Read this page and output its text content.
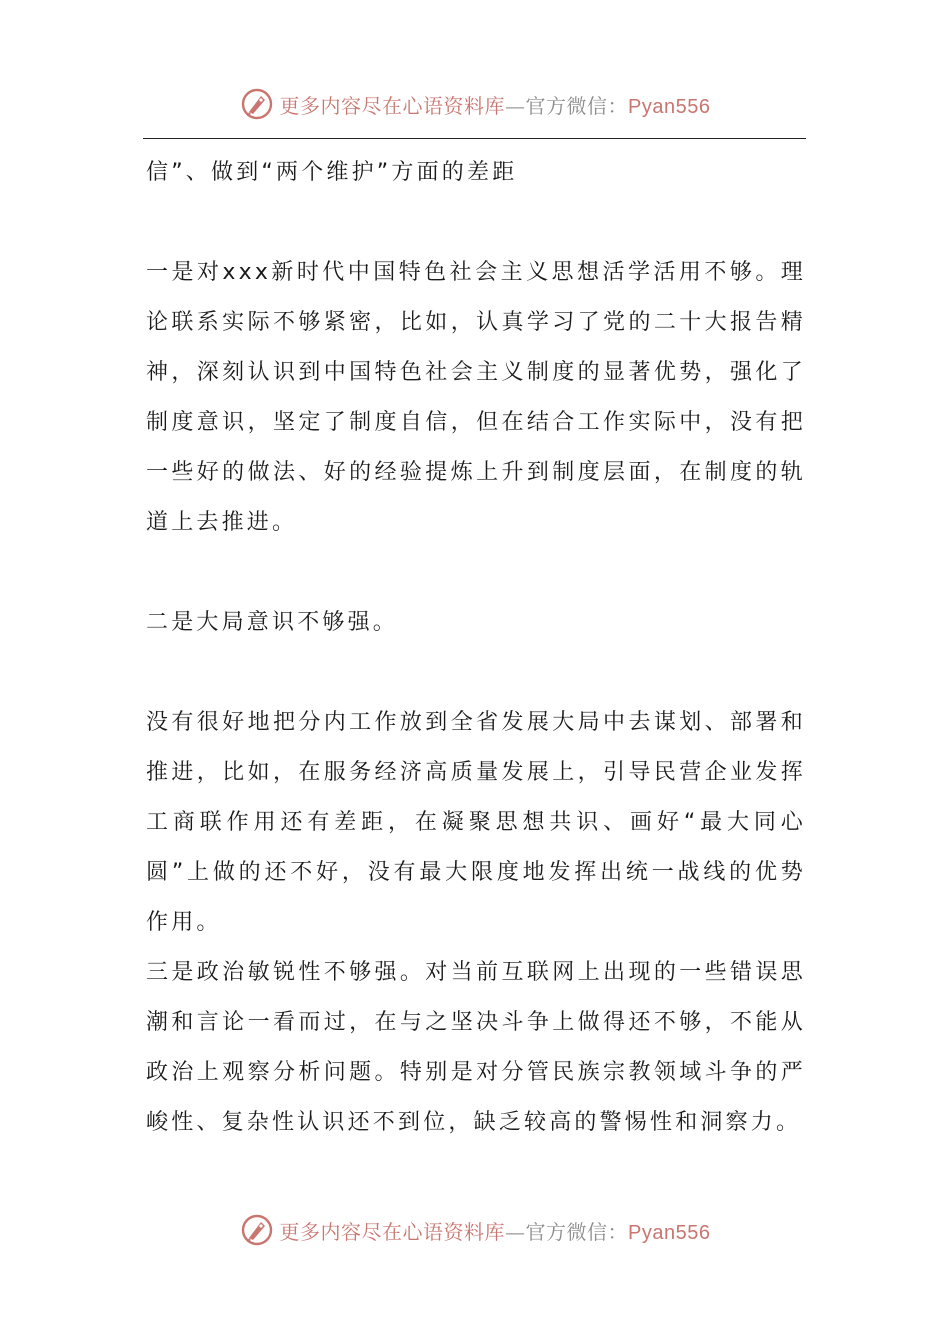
更多内容尽在心语资料库—官方微信：Pyan556

信”、做到“两个维护”方面的差距

一是对xxx新时代中国特色社会主义思想活学活用不够。理论联系实际不够紧密，比如，认真学习了党的二十大报告精神，深刻认识到中国特色社会主义制度的显著优势，强化了制度意识，坚定了制度自信，但在结合工作实际中，没有把一些好的做法、好的经验提炼上升到制度层面，在制度的轨道上去推进。

二是大局意识不够强。

没有很好地把分内工作放到全省发展大局中去谋划、部署和推进，比如，在服务经济高质量发展上，引导民营企业发挥工商联作用还有差距，在凝聚思想共识、画好“最大同心圆”上做的还不好，没有最大限度地发挥出统一战线的优势作用。

三是政治敏锐性不够强。对当前互联网上出现的一些错误思潮和言论一看而过，在与之坚决斗争上做得还不够，不能从政治上观察分析问题。特别是对分管民族宗教领域斗争的严峻性、复杂性认识还不到位，缺乏较高的警惕性和洞察力。

更多内容尽在心语资料库—官方微信：Pyan556
